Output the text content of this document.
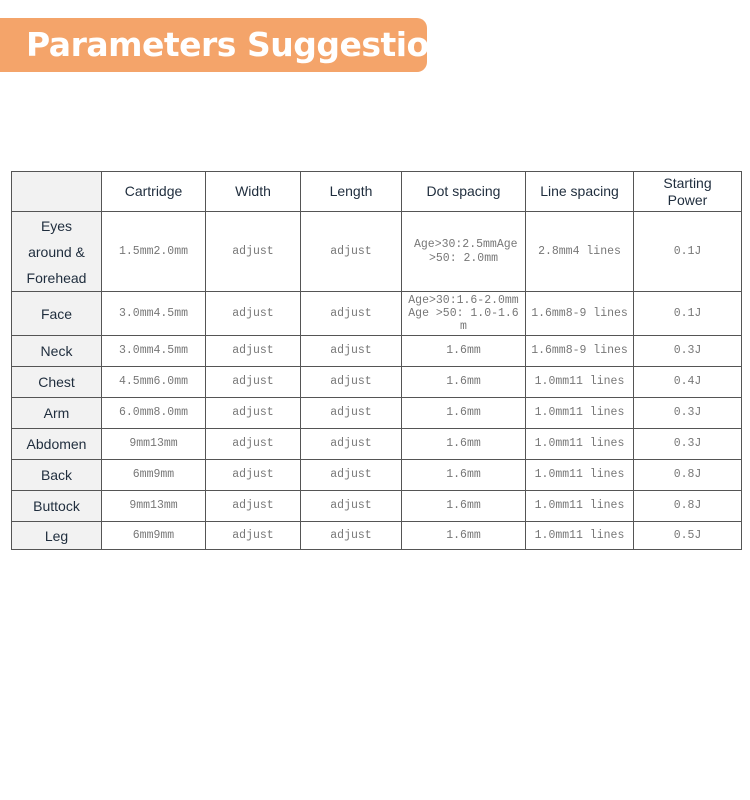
Parameters Suggestion
	Cartridge	Width	Length	Dot spacing	Line spacing	Starting Power
Eyes around & Forehead	1.5mm2.0mm	adjust	adjust	Age>30:2.5mmAge >50: 2.0mm	2.8mm4 lines	0.1J
Face	3.0mm4.5mm	adjust	adjust	Age>30:1.6-2.0mmAge >50: 1.0-1.6m	1.6mm8-9 lines	0.1J
Neck	3.0mm4.5mm	adjust	adjust	1.6mm	1.6mm8-9 lines	0.3J
Chest	4.5mm6.0mm	adjust	adjust	1.6mm	1.0mm11 lines	0.4J
Arm	6.0mm8.0mm	adjust	adjust	1.6mm	1.0mm11 lines	0.3J
Abdomen	9mm13mm	adjust	adjust	1.6mm	1.0mm11 lines	0.3J
Back	6mm9mm	adjust	adjust	1.6mm	1.0mm11 lines	0.8J
Buttock	9mm13mm	adjust	adjust	1.6mm	1.0mm11 lines	0.8J
Leg	6mm9mm	adjust	adjust	1.6mm	1.0mm11 lines	0.5J
